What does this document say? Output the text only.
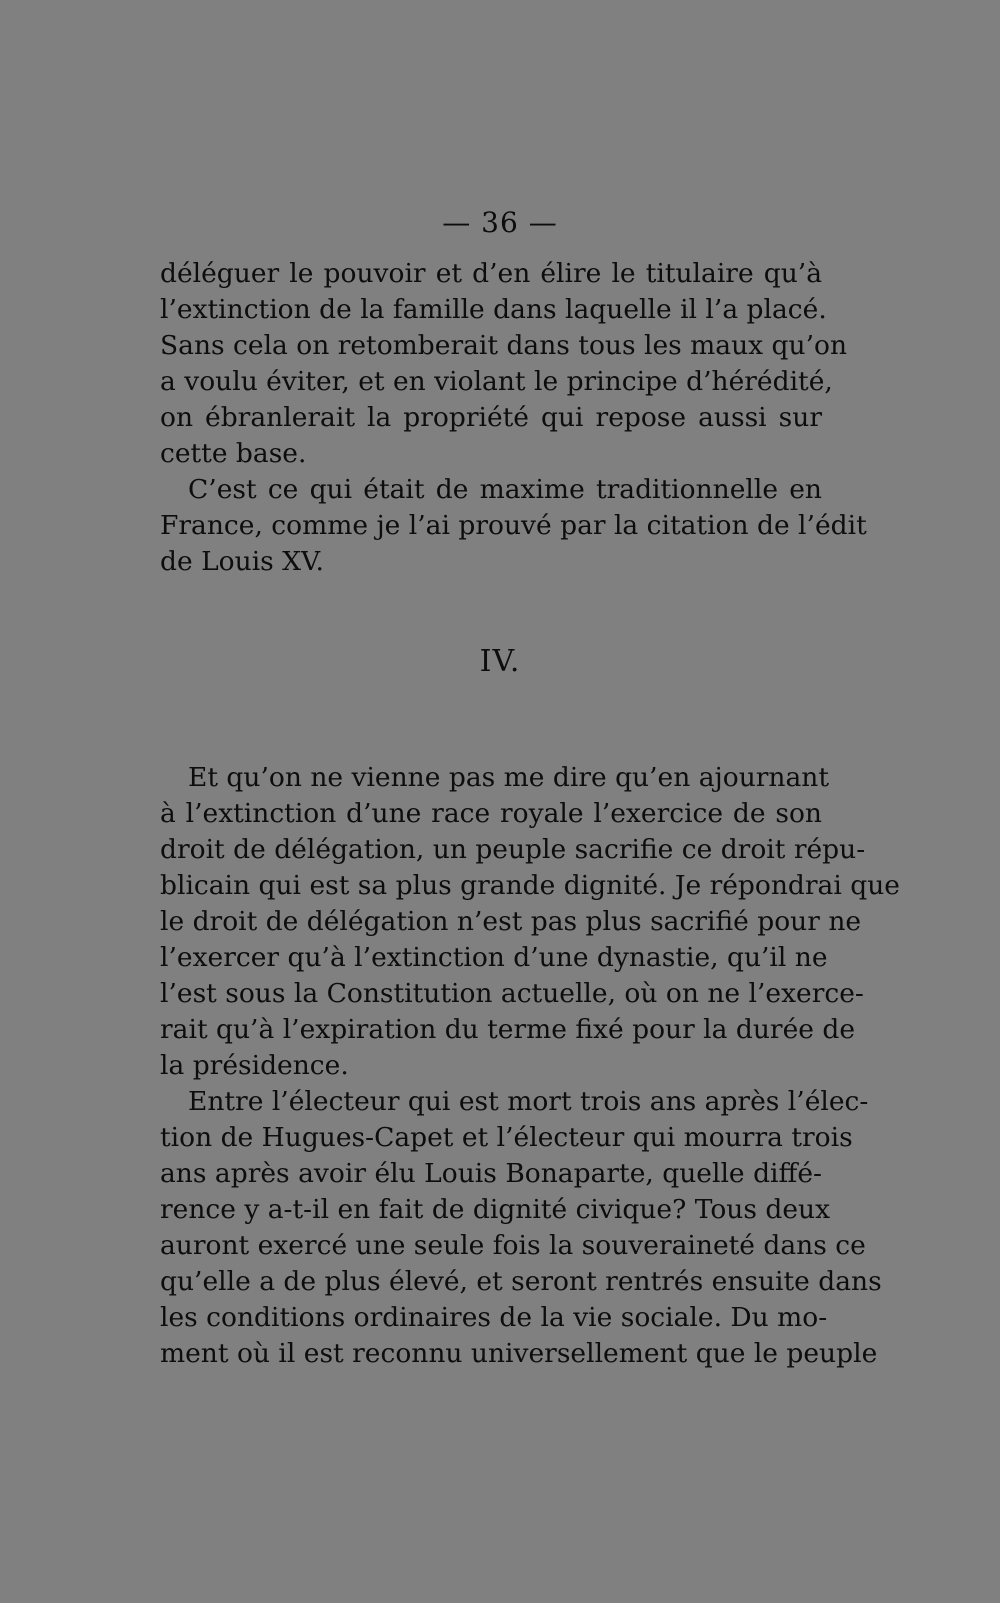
— 36 —
déléguer le pouvoir et d’en élire le titulaire qu’à
l’extinction de la famille dans laquelle il l’a placé.
Sans cela on retomberait dans tous les maux qu’on
a voulu éviter, et en violant le principe d’hérédité,
on ébranlerait la propriété qui repose aussi sur
cette base.
C’est ce qui était de maxime traditionnelle en
France, comme je l’ai prouvé par la citation de l’édit
de Louis XV.
IV.
Et qu’on ne vienne pas me dire qu’en ajournant
à l’extinction d’une race royale l’exercice de son
droit de délégation, un peuple sacrifie ce droit répu-
blicain qui est sa plus grande dignité. Je répondrai que
le droit de délégation n’est pas plus sacrifié pour ne
l’exercer qu’à l’extinction d’une dynastie, qu’il ne
l’est sous la Constitution actuelle, où on ne l’exerce-
rait qu’à l’expiration du terme fixé pour la durée de
la présidence.
Entre l’électeur qui est mort trois ans après l’élec-
tion de Hugues-Capet et l’électeur qui mourra trois
ans après avoir élu Louis Bonaparte, quelle diffé-
rence y a-t-il en fait de dignité civique? Tous deux
auront exercé une seule fois la souveraineté dans ce
qu’elle a de plus élevé, et seront rentrés ensuite dans
les conditions ordinaires de la vie sociale. Du mo-
ment où il est reconnu universellement que le peuple
